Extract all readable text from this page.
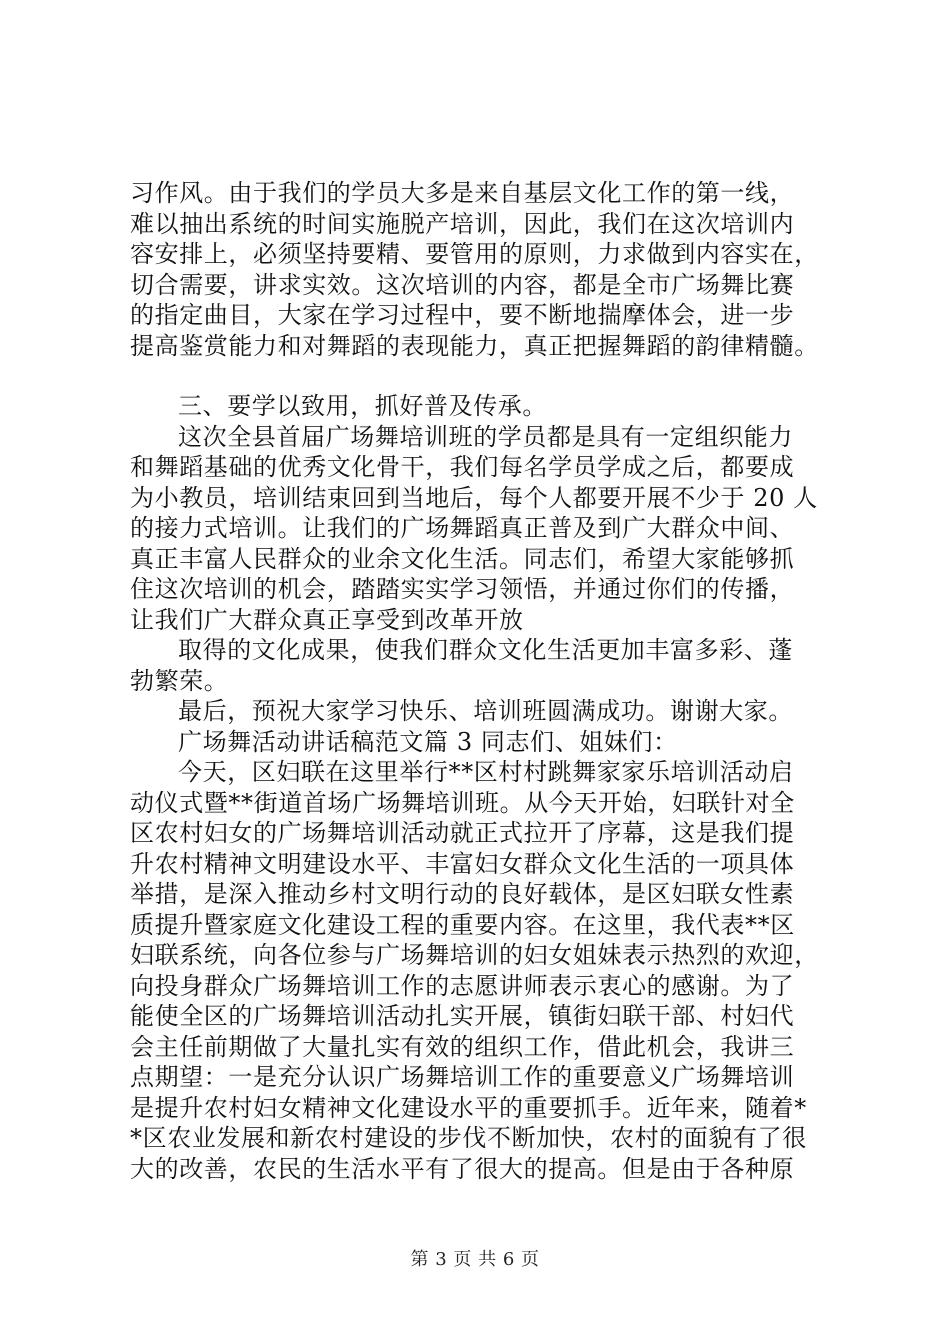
习作风。由于我们的学员大多是来自基层文化工作的第一线，
难以抽出系统的时间实施脱产培训，因此，我们在这次培训内
容安排上，必须坚持要精、要管用的原则，力求做到内容实在，
切合需要，讲求实效。这次培训的内容，都是全市广场舞比赛
的指定曲目，大家在学习过程中，要不断地揣摩体会，进一步
提高鉴赏能力和对舞蹈的表现能力，真正把握舞蹈的韵律精髓。
三、要学以致用，抓好普及传承。
这次全县首届广场舞培训班的学员都是具有一定组织能力
和舞蹈基础的优秀文化骨干，我们每名学员学成之后，都要成
为小教员，培训结束回到当地后，每个人都要开展不少于 20 人
的接力式培训。让我们的广场舞蹈真正普及到广大群众中间、
真正丰富人民群众的业余文化生活。同志们，希望大家能够抓
住这次培训的机会，踏踏实实学习领悟，并通过你们的传播，
让我们广大群众真正享受到改革开放
取得的文化成果，使我们群众文化生活更加丰富多彩、蓬
勃繁荣。
最后，预祝大家学习快乐、培训班圆满成功。谢谢大家。
广场舞活动讲话稿范文篇 3 同志们、姐妹们：
今天，区妇联在这里举行**区村村跳舞家家乐培训活动启
动仪式暨**街道首场广场舞培训班。从今天开始，妇联针对全
区农村妇女的广场舞培训活动就正式拉开了序幕，这是我们提
升农村精神文明建设水平、丰富妇女群众文化生活的一项具体
举措，是深入推动乡村文明行动的良好载体，是区妇联女性素
质提升暨家庭文化建设工程的重要内容。在这里，我代表**区
妇联系统，向各位参与广场舞培训的妇女姐妹表示热烈的欢迎，
向投身群众广场舞培训工作的志愿讲师表示衷心的感谢。为了
能使全区的广场舞培训活动扎实开展，镇街妇联干部、村妇代
会主任前期做了大量扎实有效的组织工作，借此机会，我讲三
点期望：一是充分认识广场舞培训工作的重要意义广场舞培训
是提升农村妇女精神文化建设水平的重要抓手。近年来，随着*
*区农业发展和新农村建设的步伐不断加快，农村的面貌有了很
大的改善，农民的生活水平有了很大的提高。但是由于各种原
第 3 页 共 6 页
